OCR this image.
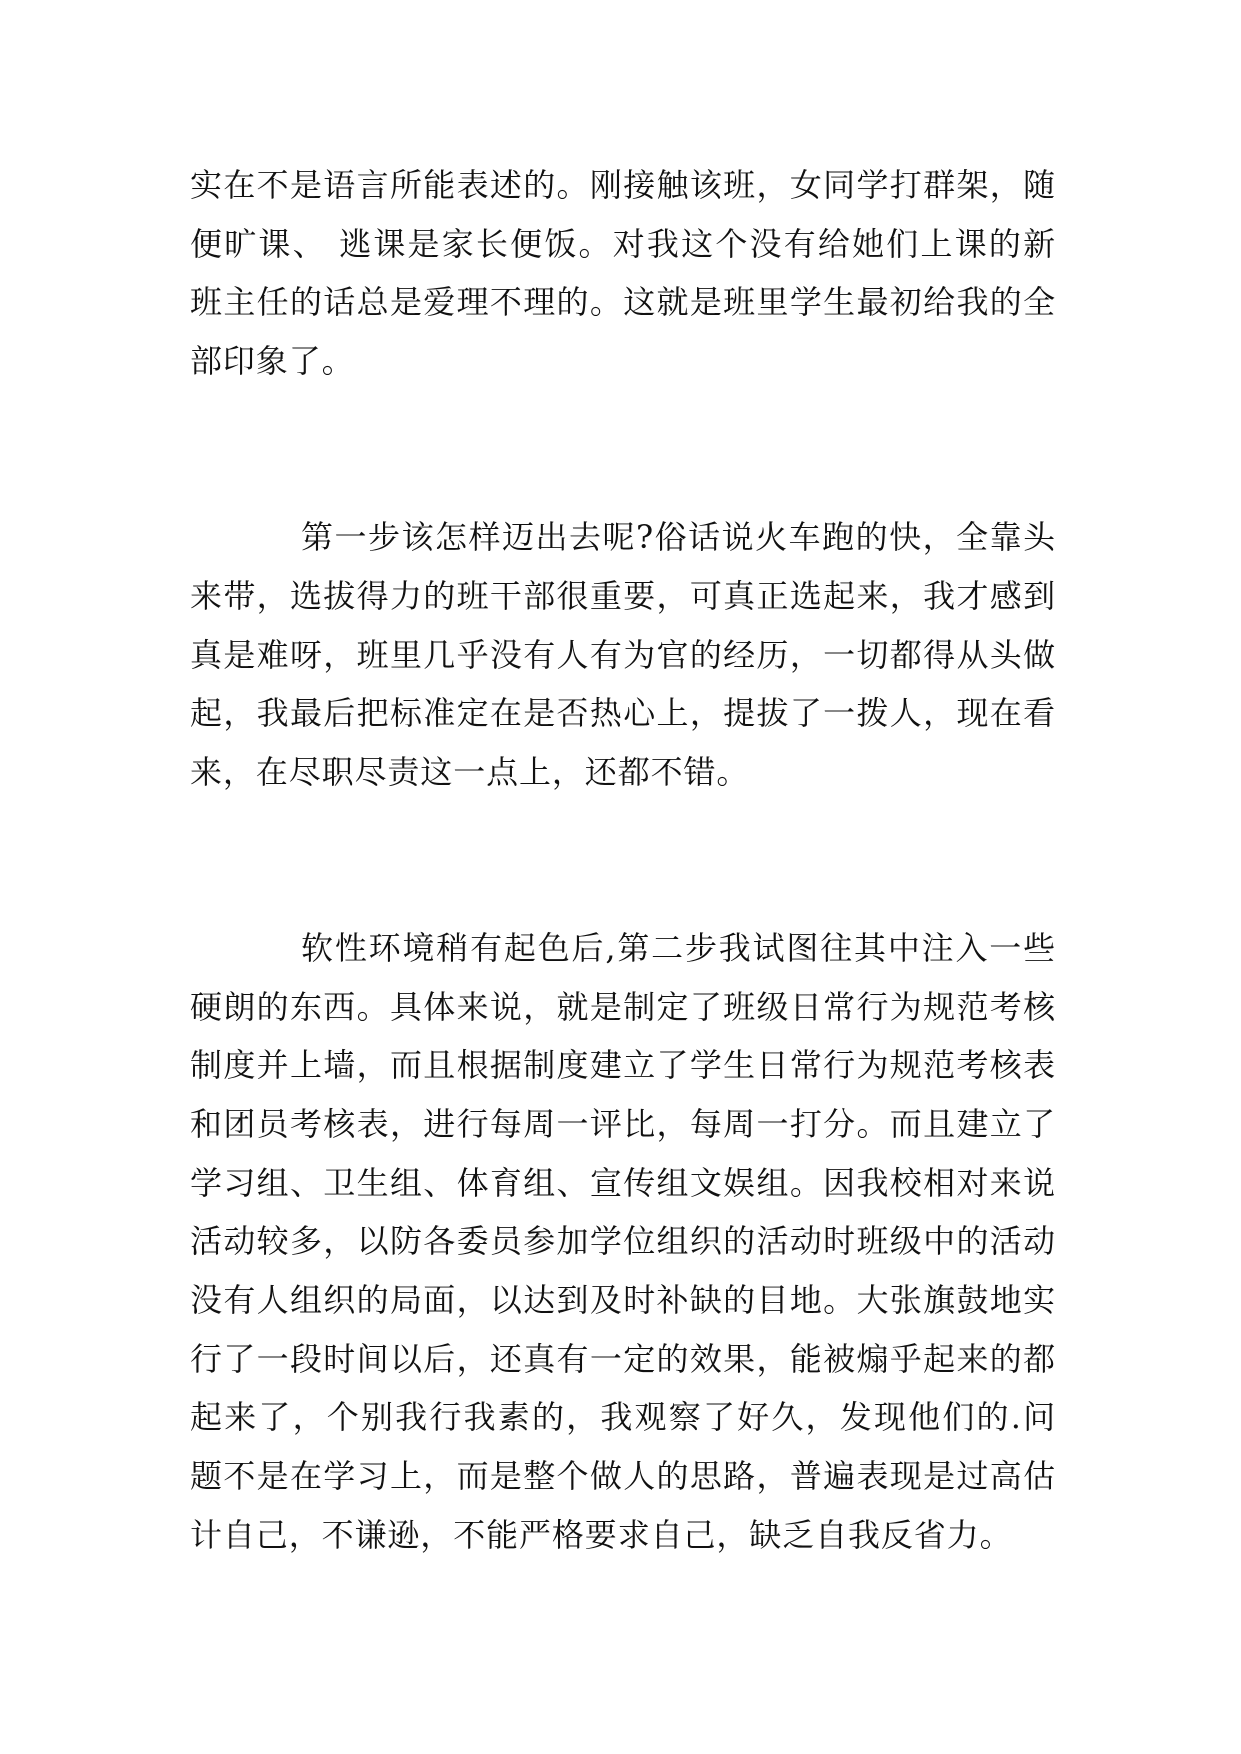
实在不是语言所能表述的。刚接触该班，女同学打群架，随
便旷课、 逃课是家长便饭。对我这个没有给她们上课的新
班主任的话总是爱理不理的。这就是班里学生最初给我的全
部印象了。
第一步该怎样迈出去呢?俗话说火车跑的快，全靠头
来带，选拔得力的班干部很重要，可真正选起来，我才感到
真是难呀，班里几乎没有人有为官的经历，一切都得从头做
起，我最后把标准定在是否热心上，提拔了一拨人，现在看
来，在尽职尽责这一点上，还都不错。
软性环境稍有起色后,第二步我试图往其中注入一些
硬朗的东西。具体来说，就是制定了班级日常行为规范考核
制度并上墙，而且根据制度建立了学生日常行为规范考核表
和团员考核表，进行每周一评比，每周一打分。而且建立了
学习组、卫生组、体育组、宣传组文娱组。因我校相对来说
活动较多，以防各委员参加学位组织的活动时班级中的活动
没有人组织的局面，以达到及时补缺的目地。大张旗鼓地实
行了一段时间以后，还真有一定的效果，能被煽乎起来的都
起来了，个别我行我素的，我观察了好久，发现他们的.问
题不是在学习上，而是整个做人的思路，普遍表现是过高估
计自己，不谦逊，不能严格要求自己，缺乏自我反省力。
